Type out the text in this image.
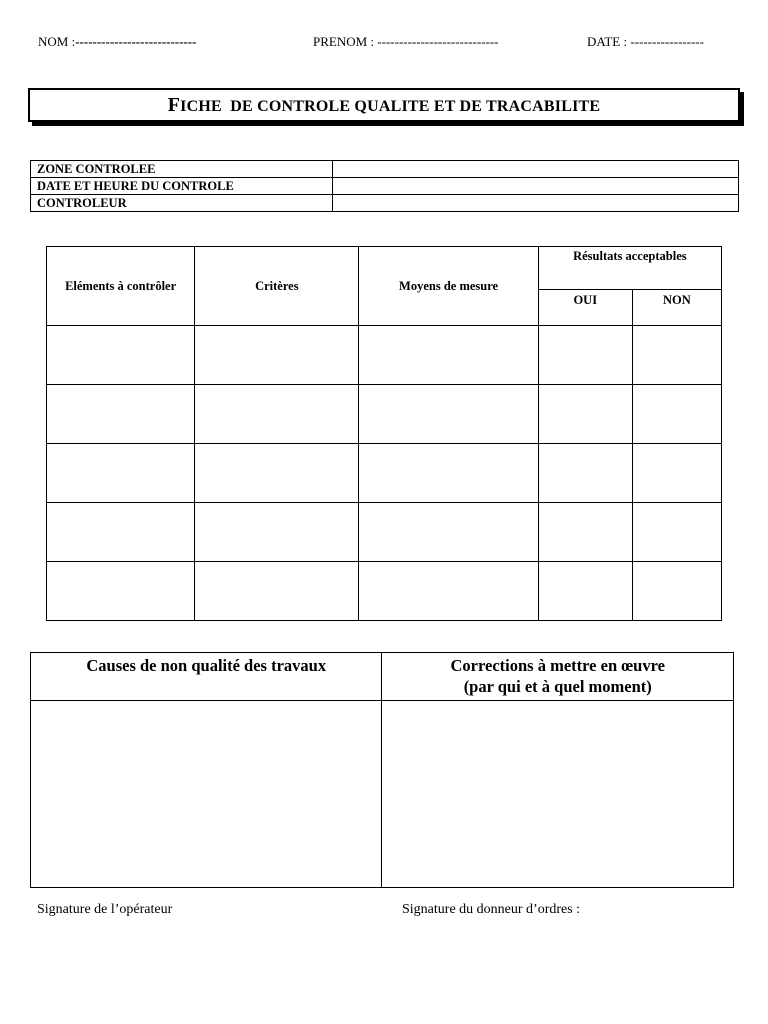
NOM :----------------------------	PRENOM : ----------------------------	DATE : -----------------
FICHE  DE CONTROLE QUALITE ET DE TRACABILITE
ZONE CONTROLEE	
DATE ET HEURE DU CONTROLE	
CONTROLEUR	
Eléments à contrôler	Critères	Moyens de mesure	Résultats acceptables	
			OUI	NON

Causes de non qualité des travaux	Corrections à mettre en œuvre
(par qui et à quel moment)

Signature de l’opérateur	Signature du donneur d’ordres :
